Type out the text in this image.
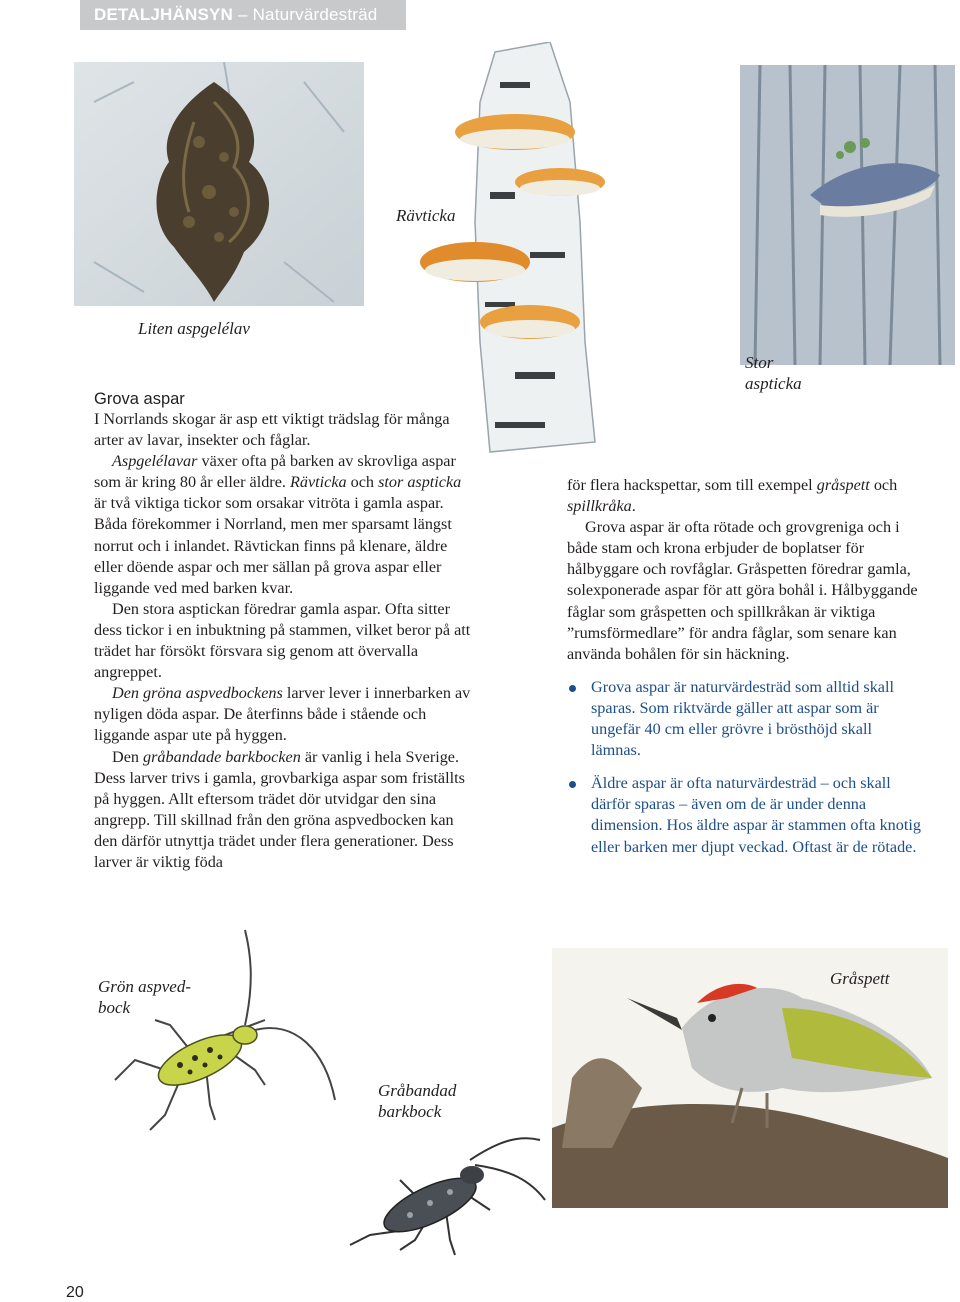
DETALJHÄNSYN – Naturvärdesträd
Rävticka
Liten aspgelélav
Stor
aspticka

Grova aspar

I Norrlands skogar är asp ett viktigt trädslag för många arter av lavar, insekter och fåglar.
Aspgelélavar växer ofta på barken av skrovliga aspar som är kring 80 år eller äldre. Rävticka och stor aspticka är två viktiga tickor som orsakar vitröta i gamla aspar. Båda förekommer i Norrland, men mer sparsamt längst norrut och i inlandet. Rävtickan finns på klenare, äldre eller döende aspar och mer sällan på grova aspar eller liggande ved med barken kvar.

Den stora asptickan föredrar gamla aspar. Ofta sitter dess tickor i en inbuktning på stammen, vilket beror på att trädet har försökt försvara sig genom att övervalla angreppet.

Den gröna aspvedbockens larver lever i innerbarken av nyligen döda aspar. De återfinns både i stående och liggande aspar ute på hyggen.

Den gråbandade barkbocken är vanlig i hela Sverige. Dess larver trivs i gamla, grovbarkiga aspar som friställts på hyggen. Allt eftersom trädet dör utvidgar den sina angrepp. Till skillnad från den gröna aspvedbocken kan den därför utnyttja trädet under flera generationer. Dess larver är viktig föda

för flera hackspettar, som till exempel gråspett och spillkråka.

Grova aspar är ofta rötade och grovgreniga och i både stam och krona erbjuder de boplatser för hålbyggare och rovfåglar. Gråspetten föredrar gamla, solexponerade aspar för att göra bohål i. Hålbyggande fåglar som gråspetten och spillkråkan är viktiga ”rumsförmedlare” för andra fåglar, som senare kan använda bohålen för sin häckning.

Grova aspar är naturvärdesträd som alltid skall sparas. Som riktvärde gäller att aspar som är ungefär 40 cm eller grövre i brösthöjd skall lämnas.
Äldre aspar är ofta naturvärdesträd – och skall därför sparas – även om de är under denna dimension. Hos äldre aspar är stammen ofta knotig eller barken mer djupt veckad. Oftast är de rötade.
Grön aspved-
bock
Gråspett
Gråbandad
barkbock
20
